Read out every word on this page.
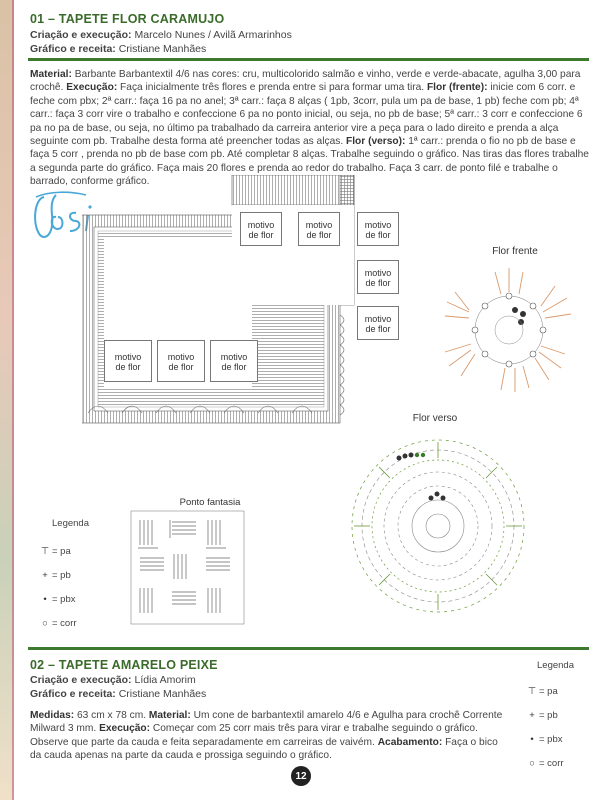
01 – TAPETE FLOR CARAMUJO
Criação e execução: Marcelo Nunes / Avilã Armarinhos
Gráfico e receita: Cristiane Manhães
Material: Barbante Barbantextil 4/6 nas cores: cru, multicolorido salmão e vinho, verde e verde-abacate, agulha 3,00 para crochê. Execução: Faça inicialmente três flores e prenda entre si para formar uma tira. Flor (frente): inicie com 6 corr. e feche com pbx; 2ª carr.: faça 16 pa no anel; 3ª carr.: faça 8 alças ( 1pb, 3corr, pula um pa de base, 1 pb) feche com pb; 4ª carr.: faça 3 corr vire o trabalho e confeccione 6 pa no ponto inicial, ou seja, no pb de base; 5ª carr.: 3 corr e confeccione 6 pa no pa de base, ou seja, no último pa trabalhado da carreira anterior vire a peça para o lado direito e prenda a alça seguinte com pb. Trabalhe desta forma até preencher todas as alças. Flor (verso): 1ª carr.: prenda o fio no pb de base e faça 5 corr , prenda no pb de base com pb. Até completar 8 alças. Trabalhe seguindo o gráfico. Nas tiras das flores trabalhe a segunda parte do gráfico. Faça mais 20 flores e prenda ao redor do trabalho. Faça 3 carr. de ponto filé e trabalhe o barrado, conforme gráfico.
motivo
de flor
motivo
de flor
motivo
de flor
motivo
de flor
motivo
de flor
motivo
de flor
motivo
de flor
motivo
de flor
Flor frente
Flor verso
Ponto fantasia
Legenda
⊤ = pa
+ = pb
• = pbx
○ = corr
02 – TAPETE AMARELO PEIXE
Criação e execução: Lídia Amorim
Gráfico e receita: Cristiane Manhães
Medidas: 63 cm x 78 cm. Material: Um cone de barbantextil amarelo 4/6 e Agulha para crochê Corrente Milward 3 mm. Execução: Começar com 25 corr mais três para virar e trabalhe seguindo o gráfico. Observe que parte da cauda e feita separadamente em carreiras de vaivém. Acabamento: Faça o bico da cauda apenas na parte da cauda e prossiga seguindo o gráfico.
Legenda
⊤ = pa
+ = pb
• = pbx
○ = corr
12
